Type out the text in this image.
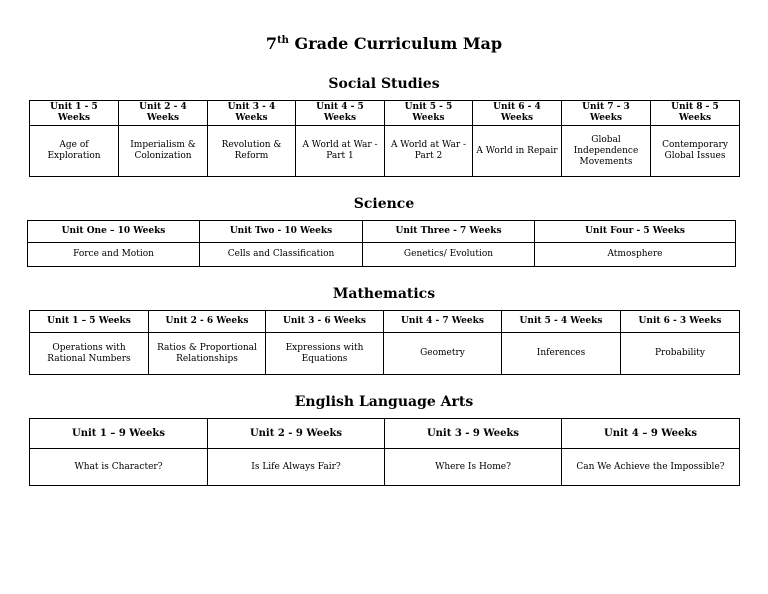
7th Grade Curriculum Map
Social Studies
Unit 1 - 5 Weeks	Unit 2 - 4 Weeks	Unit 3 - 4 Weeks	Unit 4 - 5 Weeks	Unit 5 - 5 Weeks	Unit 6 - 4 Weeks	Unit 7 - 3 Weeks	Unit 8 - 5 Weeks
Age of Exploration	Imperialism & Colonization	Revolution & Reform	A World at War - Part 1	A World at War - Part 2	A World in Repair	Global Independence Movements	Contemporary Global Issues
Science
Unit One – 10 Weeks	Unit Two - 10 Weeks	Unit Three - 7 Weeks	Unit Four - 5 Weeks
Force and Motion	Cells and Classification	Genetics/ Evolution	Atmosphere
Mathematics
Unit 1 – 5 Weeks	Unit 2 - 6 Weeks	Unit 3 - 6 Weeks	Unit 4 - 7 Weeks	Unit 5 - 4 Weeks	Unit 6 - 3 Weeks
Operations with Rational Numbers	Ratios & Proportional Relationships	Expressions with Equations	Geometry	Inferences	Probability
English Language Arts
Unit 1 – 9 Weeks	Unit 2 - 9 Weeks	Unit 3 - 9 Weeks	Unit 4 – 9 Weeks
What is Character?	Is Life Always Fair?	Where Is Home?	Can We Achieve the Impossible?
